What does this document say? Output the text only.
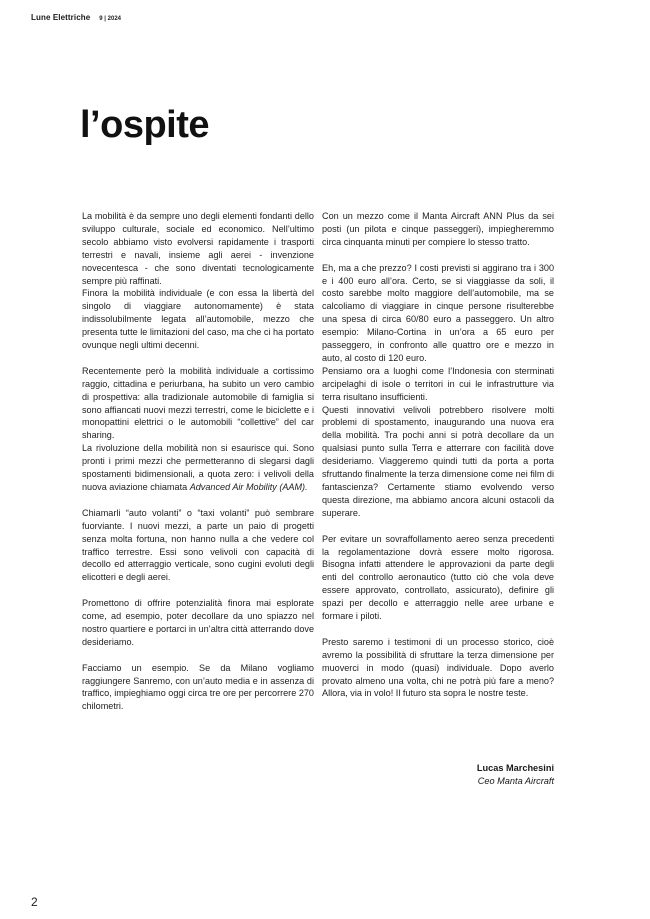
Lune Elettriche 9 | 2024
l’ospite

La mobilità è da sempre uno degli elementi fondanti dello sviluppo culturale, sociale ed economico. Nell’ultimo secolo abbiamo visto evolversi rapidamente i trasporti terrestri e navali, insieme agli aerei - invenzione novecentesca - che sono diventati tecnologicamente sempre più raffinati.

Finora la mobilità individuale (e con essa la libertà del singolo di viaggiare autonomamente) è stata indissolubilmente legata all’automobile, mezzo che presenta tutte le limitazioni del caso, ma che ci ha portato ovunque negli ultimi decenni.

Recentemente però la mobilità individuale a cortissimo raggio, cittadina e periurbana, ha subito un vero cambio di prospettiva: alla tradizionale automobile di famiglia si sono affiancati nuovi mezzi terrestri, come le biciclette e i monopattini elettrici o le automobili “collettive” del car sharing.

La rivoluzione della mobilità non si esaurisce qui. Sono pronti i primi mezzi che permetteranno di slegarsi dagli spostamenti bidimensionali, a quota zero: i velivoli della nuova aviazione chiamata Advanced Air Mobility (AAM).

Chiamarli “auto volanti” o “taxi volanti” può sembrare fuorviante. I nuovi mezzi, a parte un paio di progetti senza molta fortuna, non hanno nulla a che vedere col traffico terrestre. Essi sono velivoli con capacità di decollo ed atterraggio verticale, sono cugini evoluti degli elicotteri e degli aerei.

Promettono di offrire potenzialità finora mai esplorate come, ad esempio, poter decollare da uno spiazzo nel nostro quartiere e portarci in un’altra città atterrando dove desideriamo.

Facciamo un esempio. Se da Milano vogliamo raggiungere Sanremo, con un’auto media e in assenza di traffico, impieghiamo oggi circa tre ore per percorrere 270 chilometri.

Con un mezzo come il Manta Aircraft ANN Plus da sei posti (un pilota e cinque passeggeri), impiegheremmo circa cinquanta minuti per compiere lo stesso tratto.

Eh, ma a che prezzo? I costi previsti si aggirano tra i 300 e i 400 euro all’ora. Certo, se si viaggiasse da soli, il costo sarebbe molto maggiore dell’automobile, ma se calcoliamo di viaggiare in cinque persone risulterebbe una spesa di circa 60/80 euro a passeggero. Un altro esempio: Milano-Cortina in un’ora a 65 euro per passeggero, in confronto alle quattro ore e mezzo in auto, al costo di 120 euro.

Pensiamo ora a luoghi come l’Indonesia con sterminati arcipelaghi di isole o territori in cui le infrastrutture via terra risultano insufficienti.

Questi innovativi velivoli potrebbero risolvere molti problemi di spostamento, inaugurando una nuova era della mobilità. Tra pochi anni si potrà decollare da un qualsiasi punto sulla Terra e atterrare con facilità dove desideriamo. Viaggeremo quindi tutti da porta a porta sfruttando finalmente la terza dimensione come nei film di fantascienza? Certamente stiamo evolvendo verso questa direzione, ma abbiamo ancora alcuni ostacoli da superare.

Per evitare un sovraffollamento aereo senza precedenti la regolamentazione dovrà essere molto rigorosa. Bisogna infatti attendere le approvazioni da parte degli enti del controllo aeronautico (tutto ciò che vola deve essere approvato, controllato, assicurato), definire gli spazi per decollo e atterraggio nelle aree urbane e formare i piloti.

Presto saremo i testimoni di un processo storico, cioè avremo la possibilità di sfruttare la terza dimensione per muoverci in modo (quasi) individuale. Dopo averlo provato almeno una volta, chi ne potrà più fare a meno? Allora, via in volo! Il futuro sta sopra le nostre teste.

Lucas Marchesini
Ceo Manta Aircraft
2
